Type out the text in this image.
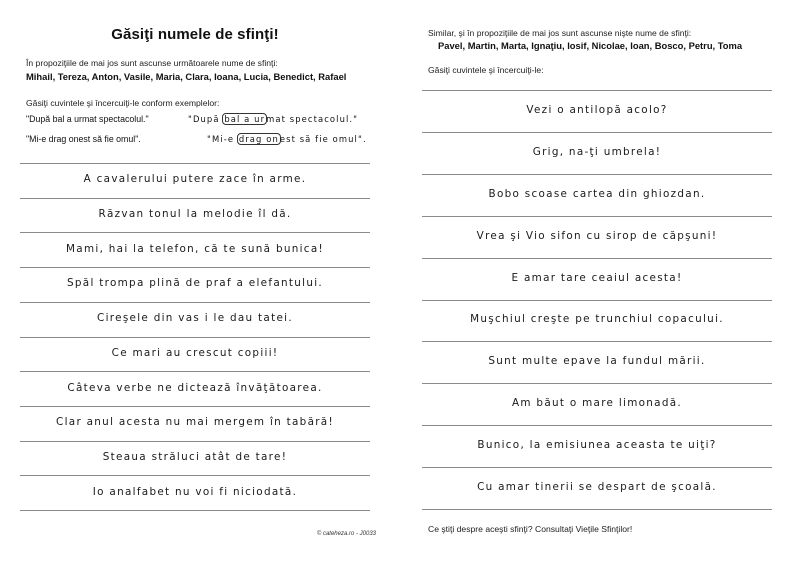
Găsiţi numele de sfinţi!
În propoziţiile de mai jos sunt ascunse următoarele nume de sfinţi:
Mihail, Tereza, Anton, Vasile, Maria, Clara, Ioana, Lucia, Benedict, Rafael
Găsiţi cuvintele şi încercuiţi-le conform exemplelor:
"După bal a urmat spectacolul."	"După bal a urmat spectacolul."
"Mi-e drag onest să fie omul".	"Mi-e drag onest să fie omul".
A cavalerului putere zace în arme.
Răzvan tonul la melodie îl dă.
Mami, hai la telefon, că te sună bunica!
Spăl trompa plină de praf a elefantului.
Cireşele din vas i le dau tatei.
Ce mari au crescut copiii!
Câteva verbe ne dictează învăţătoarea.
Clar anul acesta nu mai mergem în tabără!
Steaua străluci atât de tare!
Io analfabet nu voi fi niciodată.
© cateheza.ro - J0033
Similar, şi în propoziţiile de mai jos sunt ascunse nişte nume de sfinţi:
Pavel, Martin, Marta, Ignaţiu, Iosif, Nicolae, Ioan, Bosco, Petru, Toma
Găsiţi cuvintele şi încercuiţi-le:
Vezi o antilopă acolo?
Grig, na-ţi umbrela!
Bobo scoase cartea din ghiozdan.
Vrea şi Vio sifon cu sirop de căpşuni!
E amar tare ceaiul acesta!
Muşchiul creşte pe trunchiul copacului.
Sunt multe epave la fundul mării.
Am băut o mare limonadă.
Bunico, la emisiunea aceasta te uiţi?
Cu amar tinerii se despart de şcoală.
Ce ştiţi despre aceşti sfinţi? Consultaţi Vieţile Sfinţilor!
